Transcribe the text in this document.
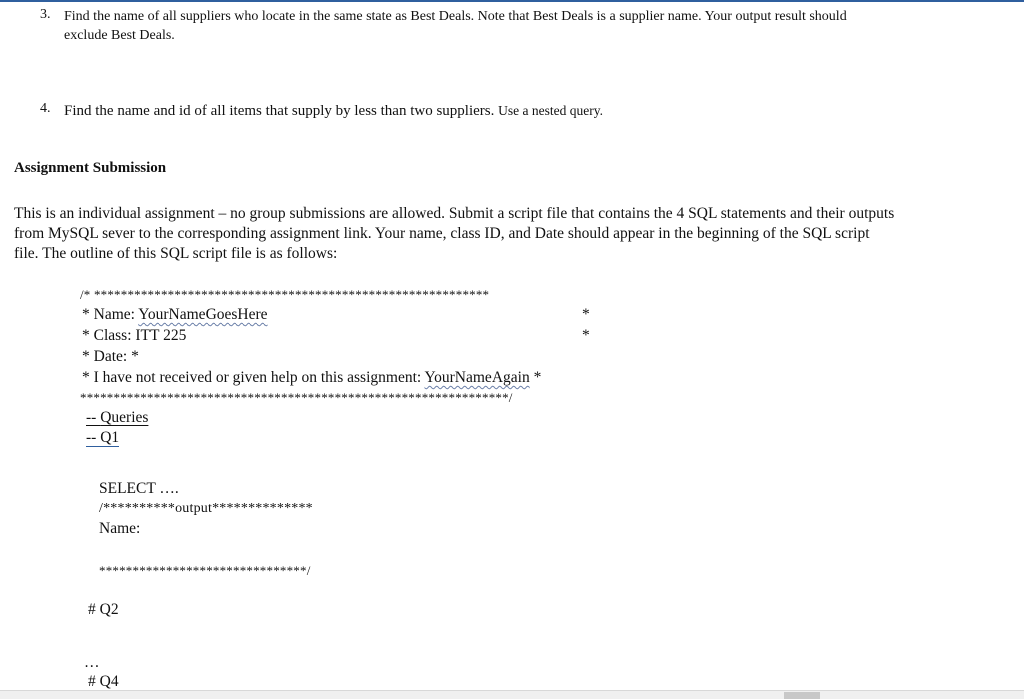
3. Find the name of all suppliers who locate in the same state as Best Deals. Note that Best Deals is a supplier name. Your output result should
exclude Best Deals.
4. Find the name and id of all items that supply by less than two suppliers. Use a nested query.
Assignment Submission
This is an individual assignment – no group submissions are allowed. Submit a script file that contains the 4 SQL statements and their outputs
from MySQL sever to the corresponding assignment link. Your name, class ID, and Date should appear in the beginning of the SQL script
file. The outline of this SQL script file is as follows:
/* ***********************************************************
* Name: YourNameGoesHere	*
* Class: ITT 225	*
* Date: *
* I have not received or given help on this assignment: YourNameAgain *
****************************************************************/
-- Queries
-- Q1
SELECT ….
/**********output**************
Name:
*******************************/
# Q2
…
# Q4
